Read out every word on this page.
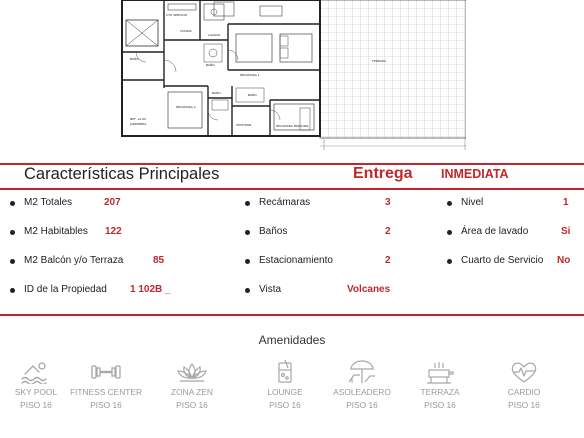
CTO SERVICIO
BAÑO
BAÑO
BAÑO	BAÑO
RECÁMARA 1
RECÁMARA 2
RECÁMARA PRINCIPAL
VESTIDOR
COCINA
LAVADO
TERRAZA
NPT +0.00
JARDINERA
Características Principales	Entrega INMEDIATA
M2 Totales	207
M2 Habitables 122
M2 Balcón y/o Terraza	85
ID de la Propiedad 1 102B _
Recámaras	3
Baños	2
Estacionamiento	2
Vista	Volcanes
Nivel	1
Área de lavado	Si
Cuarto de Servicio No
Amenidades
SKY POOL
PISO 16
FITNESS CENTER
PISO 16
ZONA ZEN
PISO 16
LOUNGE
PISO 16
ASOLEADERO
PISO 16
TERRAZA
PISO 16
CARDIO
PISO 16
